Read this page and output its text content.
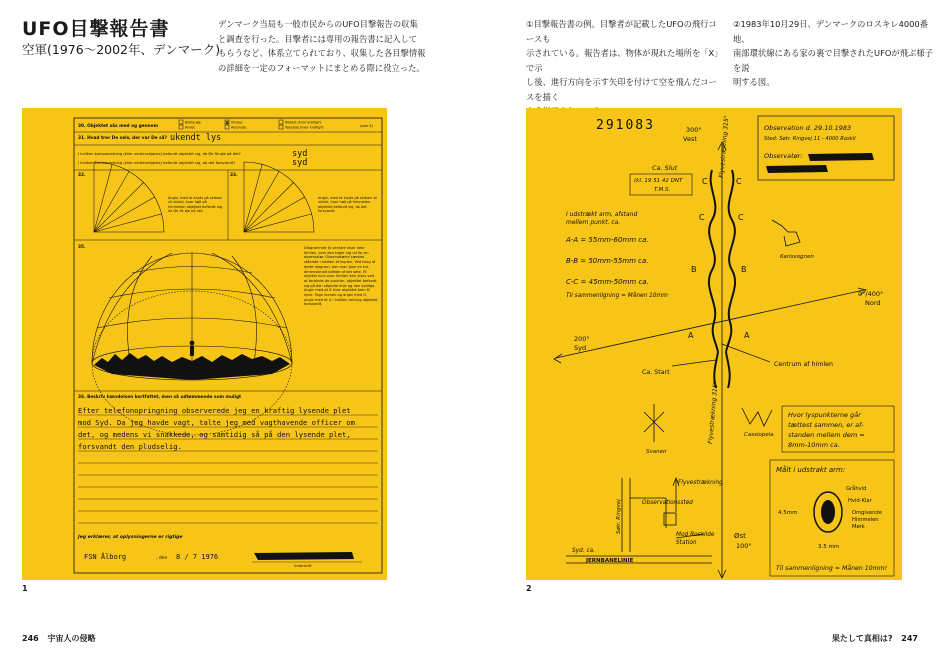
UFO目撃報告書
空軍(1976〜2002年、デンマーク)
デンマーク当局も一般市民からのUFO目撃報告の収集
と調査を行った。目撃者には専用の報告書に記入して
もらうなど、体系立てられており、収集した各目撃情報
の詳細を一定のフォーマットにまとめる際に役立った。
①目撃報告書の例。目撃者が記載したUFOの飛行コースも
示されている。報告者は、物体が現れた場所を「X」で示
し後、進行方向を示す矢印を付けて空を飛んだコースを描く
②1983年10月29日、デンマークのロスキレ4000番地、
南部環状線にある家の裏で目撃されたUFOが飛ぶ様子を説
明する図。
30. Objektet sås med og gennem
Blotte øje	Kikkert (hvor kraftig?)
Vindue
Teleskop (hvor kraftig?)
Autorude
Andet	(som X)
x
31. Hvad trer De selv, der var De så? ukendt lys
I hvilken kompasretning (eller verdenshjørne) befandt objektet sig, da De fik øje på det?	syd
I hvilken kompasretning (eller verdenshjørne) befandt objektet sig, da det forsvandt?	syd
32.	33.
Angiv, med et kryds på skitsen vil vinkel, hvor højt på himmelen objektet befandt sig, da De fik øje på det.
Angiv, med et kryds på skitsen vil vinkel, hvor højt på himmelen objektet befandt sig, da det forsvandt.
35.	Diagrammet til venstre viser hele himlen, som den tager sig ud for en observatør. Observatøren tænkes stående i midten af kuplen. Ved brug af dette diagram, kan man give en tre-dimensionalt billede af det sete. Et objekts kurs over himlen kan vises ved at forbinde de punkter, objektet befandt sig på den stiplede linje og den syditgs. Angiv med et X hvor objektet kom til syne. Tegn kursen og angiv med O. angiv med et A i hvilken retning objektet forsvandt.
36. Beskriv hændelsen kortfattet, men så udtømmende som muligt
Efter telefonopringning observerede jeg en kraftig lysende plet
mod Syd. Da jeg havde vagt, talte jeg med vagthavende officer om
det, og medens vi snakkede, og samtidig så på den lysende plet,
forsvandt den pludselig.
Jeg erklærer, at oplysningerne er rigtige
FSN Ålborg	, den 8 / 7 1976
Underskrift
1
291083	Observation d. 29.10.1983
Sted: Søtr. Ringvej 11 - 4000 Roskil
Observatør:
300°
Vest	Flyvestrækning 315°
Ca. Slut
(kl. 19 51 42 DNT
T.M.S.
I udstrækt arm, afstand
mellem punkt. ca.
A-A = 55mm-60mm ca.
B-B = 50mm-55mm ca.
C-C = 45mm-50mm ca.
Til sammenligning = Månen 10mm
Karlsvognen
0°/400°
Nord
200°
Syd
Centrum af himlen
Ca. Start
Flyvestrækning 315°
A	A
B	B
C	C
C	C
Svanen
Cassiopeia
Hvor lyspunkterne går
tættest sammen, er af-
standen mellem dem =
8mm-10mm ca.
Målt i udstrakt arm:
Gråhvid
Hvid-Klar
Omgivende
Himmelen
Mørk
4.5mm
3.5 mm
Til sammenligning = Månen 10mm!
Flyvestrækning
Observationssted
Mod Roskilde
Station
Syd. ca.
JERNBANELINIE
Søtr. Ringvej
Øst
100°
2
246 宇宙人の侵略	果たして真相は? 247
